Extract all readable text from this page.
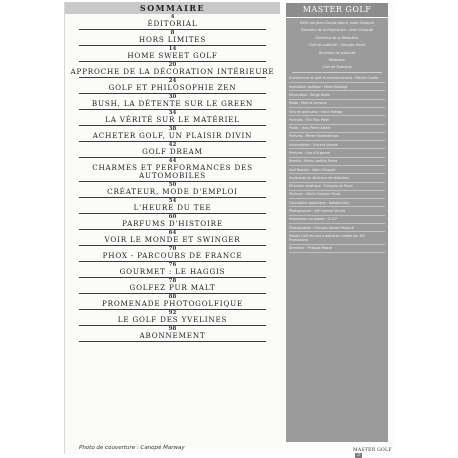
SOMMAIRE
4
ÉDITORIAL
8
HORS LIMITES
14
HOME SWEET GOLF
20
APPROCHE DE LA DÉCORATION INTÉRIEURE
24
GOLF ET PHILOSOPHIE ZEN
30
BUSH, LA DÉTENTE SUR LE GREEN
34
LA VÉRITÉ SUR LE MATÉRIEL
38
ACHETER GOLF, UN PLAISIR DIVIN
42
GOLF DREAM
44
CHARMES ET PERFORMANCES DES AUTOMOBILES
50
CRÉATEUR, MODE D'EMPLOI
54
L'HEURE DU TEE
60
PARFUMS D'HISTOIRE
64
VOIR LE MONDE ET SWINGER
70
PHOX - PARCOURS DE FRANCE
76
GOURMET : LE HAGGIS
78
GOLFEZ PUR MALT
88
PROMENADE PHOTOGOLFIQUE
92
LE GOLF DES YVELINES
98
ABONNEMENT
Photo de couverture : Canopé Marway
MASTER GOLF
Édité par Jean-Claude Aberti, Alain Choquet
Directeur de la Publication : Alain Choquet
Directeur de la Rédaction
Chef de publicité : Georges Hecht
Directeur de publicité
Rédaction
Chef de Rubrique
Architecture en golf et environnement : Patrick Comte
Immobilier golfique : Marie Baillage
Décoration : Serge Bodin
Mode : Marine Lemone
Vins et spiritueux : Henri Helwig
Portraits : Eric Mac Peter
Photo : Jean-Pierre Albert
Parfums : Pierre Hardentemps
Automobiles : Vincent Julesse
Parfums : Lise d'Argenne
Beauté : Marie-Laetitia Poiret
Golf Passion : Alain Choquet
Assistante du directeur de rédaction
Direction artistique : François de Ravel
Stylisme : Marie-Caroline Pouet
Conception graphique : Isabelle Jolly
Photogravure : AM Corinne Vernet
Impression sur papier : G.O.P
Photographie : François-Xavier Pedauré
Master Golf est une publication éditée par MG Productions
Directeur : Philippe Massé
MASTER GOLF3
